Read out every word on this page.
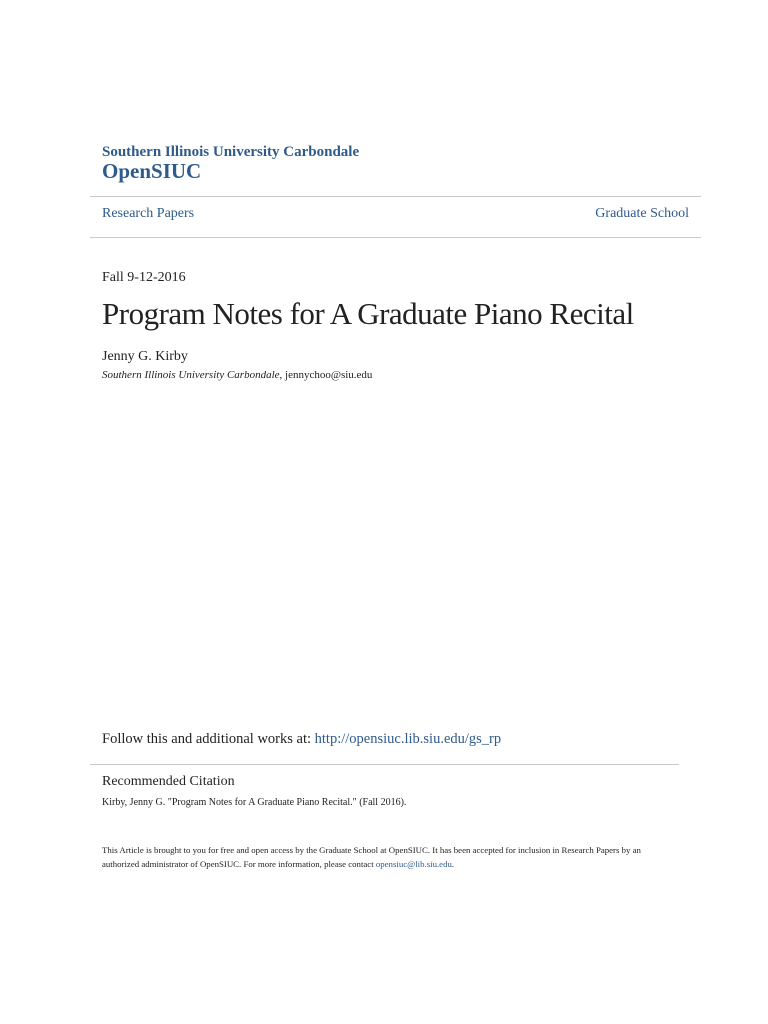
Southern Illinois University Carbondale
OpenSIUC
Research Papers	Graduate School
Fall 9-12-2016
Program Notes for A Graduate Piano Recital
Jenny G. Kirby
Southern Illinois University Carbondale, jennychoo@siu.edu
Follow this and additional works at: http://opensiuc.lib.siu.edu/gs_rp
Recommended Citation
Kirby, Jenny G. "Program Notes for A Graduate Piano Recital." (Fall 2016).
This Article is brought to you for free and open access by the Graduate School at OpenSIUC. It has been accepted for inclusion in Research Papers by an authorized administrator of OpenSIUC. For more information, please contact opensiuc@lib.siu.edu.
